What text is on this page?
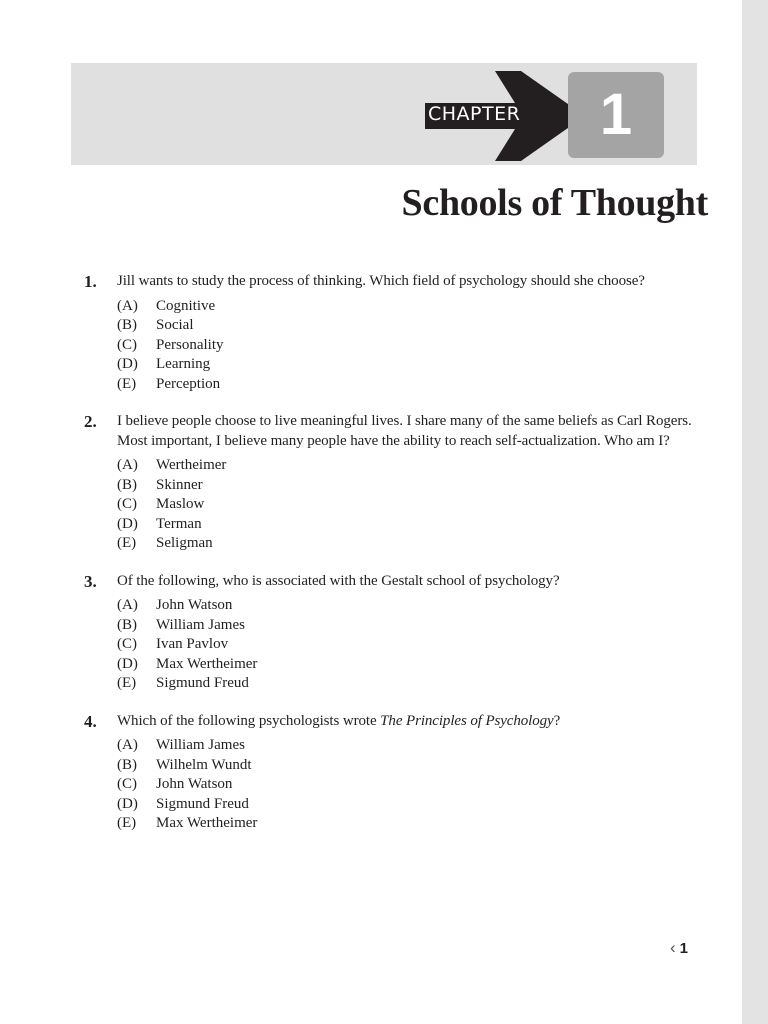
CHAPTER	1
Schools of Thought
1.	Jill wants to study the process of thinking. Which field of psychology should she choose?
(A)	Cognitive
(B)	Social
(C)	Personality
(D)	Learning
(E)	Perception
2.	I believe people choose to live meaningful lives. I share many of the same beliefs as Carl Rogers. Most important, I believe many people have the ability to reach self-actualization. Who am I?
(A)	Wertheimer
(B)	Skinner
(C)	Maslow
(D)	Terman
(E)	Seligman
3.	Of the following, who is associated with the Gestalt school of psychology?
(A)	John Watson
(B)	William James
(C)	Ivan Pavlov
(D)	Max Wertheimer
(E)	Sigmund Freud
4.	Which of the following psychologists wrote The Principles of Psychology?
(A)	William James
(B)	Wilhelm Wundt
(C)	John Watson
(D)	Sigmund Freud
(E)	Max Wertheimer
‹ 1
